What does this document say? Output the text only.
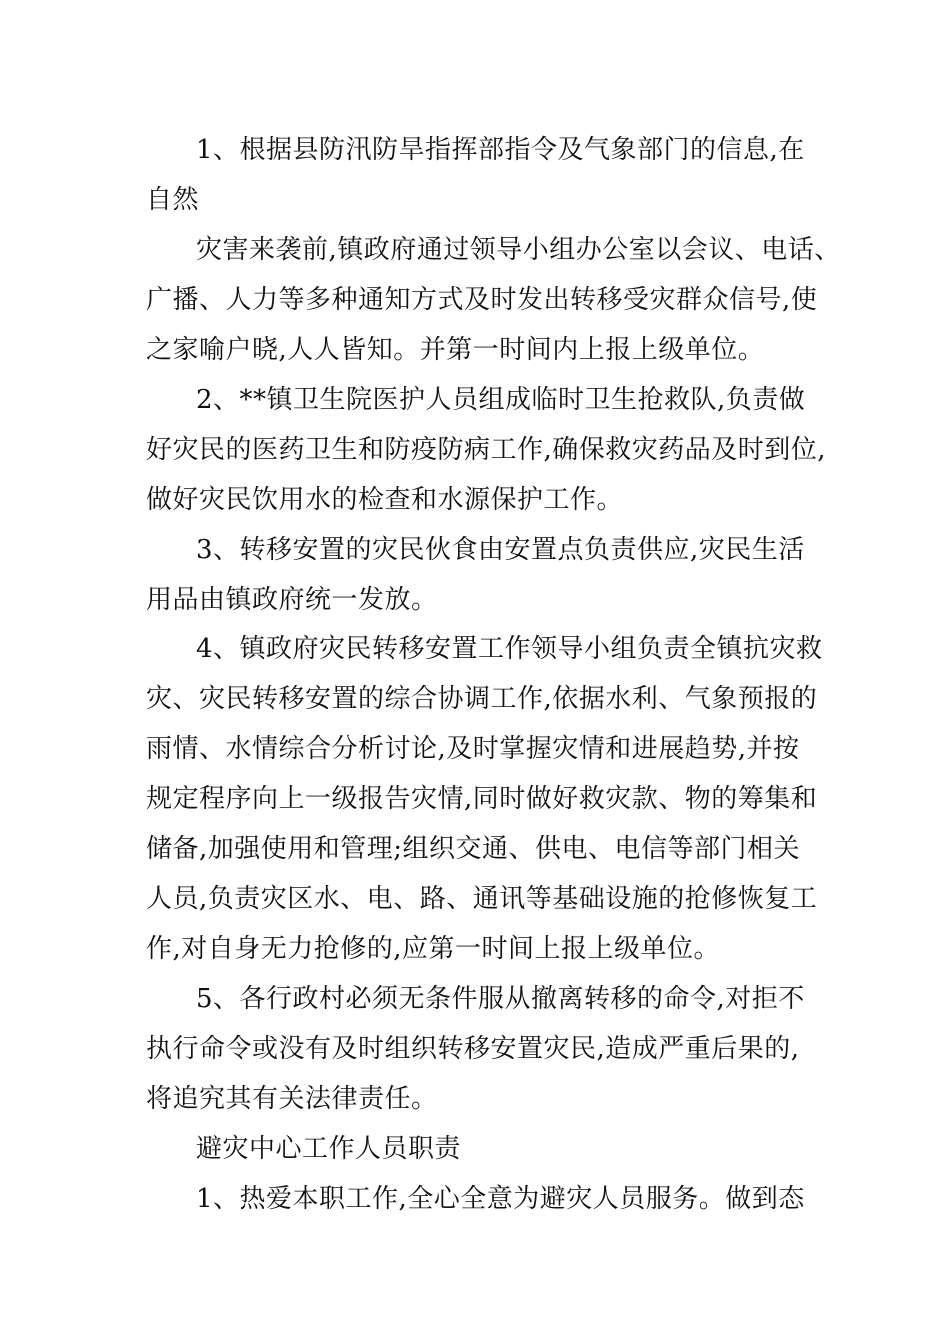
1、根据县防汛防旱指挥部指令及气象部门的信息,在
自然
灾害来袭前,镇政府通过领导小组办公室以会议、电话、
广播、人力等多种通知方式及时发出转移受灾群众信号,使
之家喻户晓,人人皆知。并第一时间内上报上级单位。
2、**镇卫生院医护人员组成临时卫生抢救队,负责做
好灾民的医药卫生和防疫防病工作,确保救灾药品及时到位,
做好灾民饮用水的检查和水源保护工作。
3、转移安置的灾民伙食由安置点负责供应,灾民生活
用品由镇政府统一发放。
4、镇政府灾民转移安置工作领导小组负责全镇抗灾救
灾、灾民转移安置的综合协调工作,依据水利、气象预报的
雨情、水情综合分析讨论,及时掌握灾情和进展趋势,并按
规定程序向上一级报告灾情,同时做好救灾款、物的筹集和
储备,加强使用和管理;组织交通、供电、电信等部门相关
人员,负责灾区水、电、路、通讯等基础设施的抢修恢复工
作,对自身无力抢修的,应第一时间上报上级单位。
5、各行政村必须无条件服从撤离转移的命令,对拒不
执行命令或没有及时组织转移安置灾民,造成严重后果的,
将追究其有关法律责任。
避灾中心工作人员职责
1、热爱本职工作,全心全意为避灾人员服务。做到态
